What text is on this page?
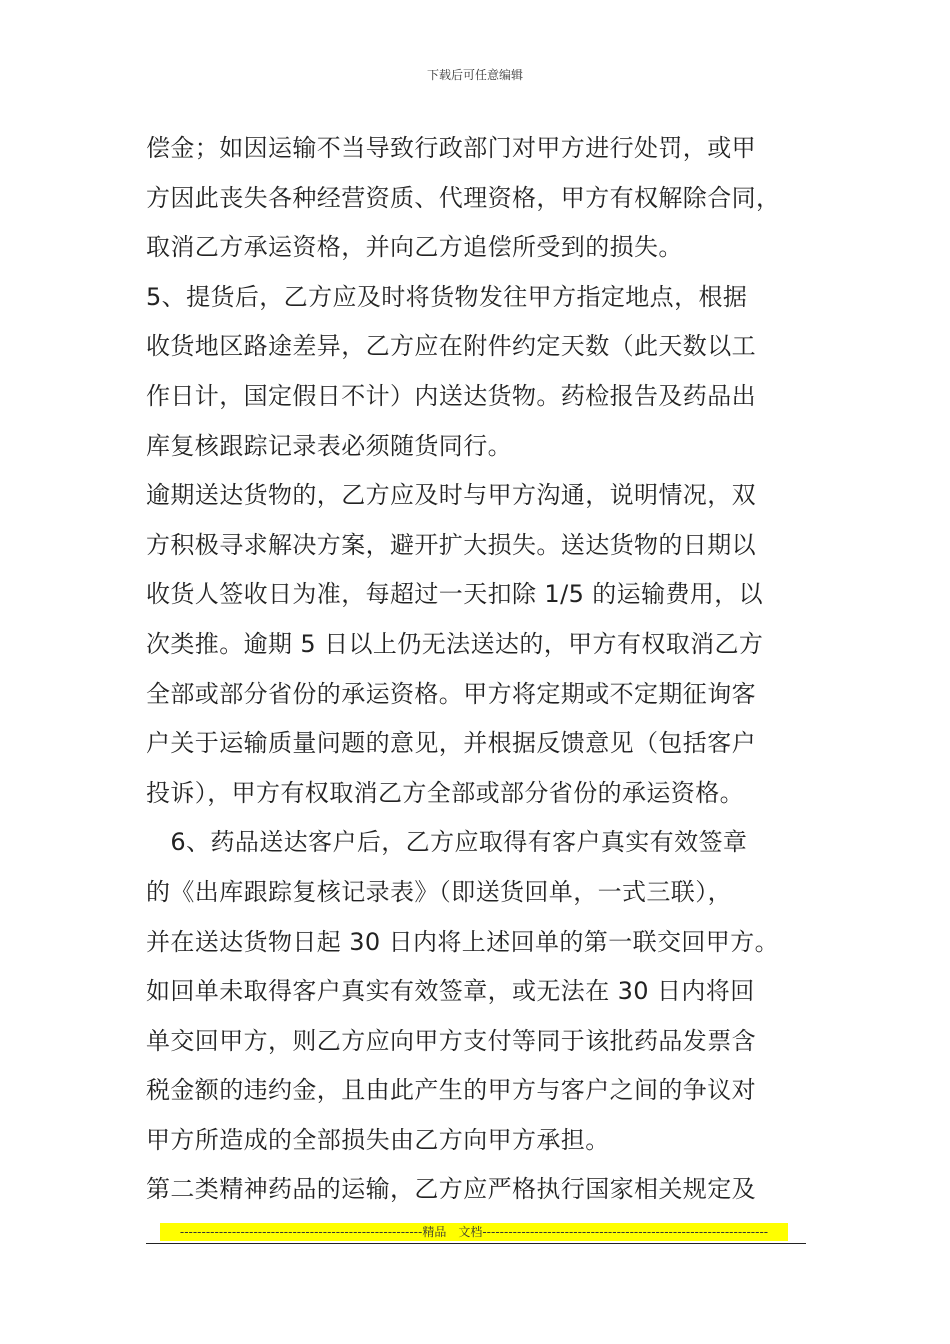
下载后可任意编辑
偿金；如因运输不当导致行政部门对甲方进行处罚，或甲
方因此丧失各种经营资质、代理资格，甲方有权解除合同，
取消乙方承运资格，并向乙方追偿所受到的损失。
5、提货后，乙方应及时将货物发往甲方指定地点，根据
收货地区路途差异，乙方应在附件约定天数（此天数以工
作日计，国定假日不计）内送达货物。药检报告及药品出
库复核跟踪记录表必须随货同行。
逾期送达货物的，乙方应及时与甲方沟通，说明情况，双
方积极寻求解决方案，避开扩大损失。送达货物的日期以
收货人签收日为准，每超过一天扣除 1/5 的运输费用，以
次类推。逾期 5 日以上仍无法送达的，甲方有权取消乙方
全部或部分省份的承运资格。甲方将定期或不定期征询客
户关于运输质量问题的意见，并根据反馈意见（包括客户
投诉），甲方有权取消乙方全部或部分省份的承运资格。
　6、药品送达客户后，乙方应取得有客户真实有效签章
的《出库跟踪复核记录表》（即送货回单，一式三联），
并在送达货物日起 30 日内将上述回单的第一联交回甲方。
如回单未取得客户真实有效签章，或无法在 30 日内将回
单交回甲方，则乙方应向甲方支付等同于该批药品发票含
税金额的违约金，且由此产生的甲方与客户之间的争议对
甲方所造成的全部损失由乙方向甲方承担。
第二类精神药品的运输，乙方应严格执行国家相关规定及
--------------------------------------------------------精品　文档------------------------------------------------------------------
